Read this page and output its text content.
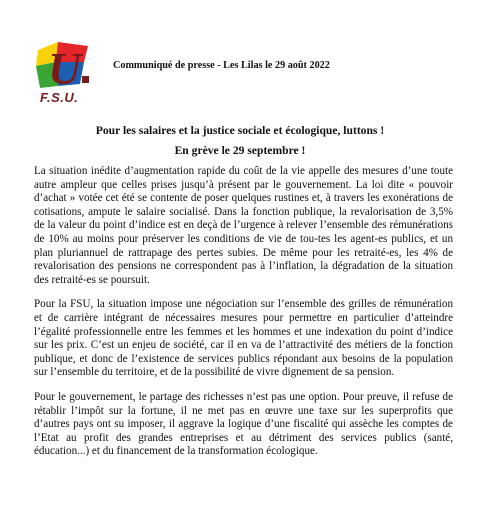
U
F.S.U.
Communiqué de presse - Les Lilas le 29 août 2022
Pour les salaires et la justice sociale et écologique, luttons !
En grève le 29 septembre !

La situation inédite d’augmentation rapide du coût de la vie appelle des mesures d’une toute autre ampleur que celles prises jusqu’à présent par le gouvernement. La loi dite « pouvoir d’achat » votée cet été se contente de poser quelques rustines et, à travers les exonérations de cotisations, ampute le salaire socialisé. Dans la fonction publique, la revalorisation de 3,5% de la valeur du point d’indice est en deçà de l’urgence à relever l’ensemble des rémunérations de 10% au moins pour préserver les conditions de vie de tou-tes les agent-es publics, et un plan pluriannuel de rattrapage des pertes subies. De même pour les retraité-es, les 4% de revalorisation des pensions ne correspondent pas à l’inflation, la dégradation de la situation des retraité-es se poursuit.

Pour la FSU, la situation impose une négociation sur l’ensemble des grilles de rémunération et de carrière intégrant de nécessaires mesures pour permettre en particulier d’atteindre l’égalité professionnelle entre les femmes et les hommes et une indexation du point d’indice sur les prix. C’est un enjeu de société, car il en va de l’attractivité des métiers de la fonction publique, et donc de l’existence de services publics répondant aux besoins de la population sur l’ensemble du territoire, et de la possibilité de vivre dignement de sa pension.

Pour le gouvernement, le partage des richesses n’est pas une option. Pour preuve, il refuse de rétablir l’impôt sur la fortune, il ne met pas en œuvre une taxe sur les superprofits que d’autres pays ont su imposer, il aggrave la logique d’une fiscalité qui assèche les comptes de l’Etat au profit des grandes entreprises et au détriment des services publics (santé, éducation...) et du financement de la transformation écologique.
